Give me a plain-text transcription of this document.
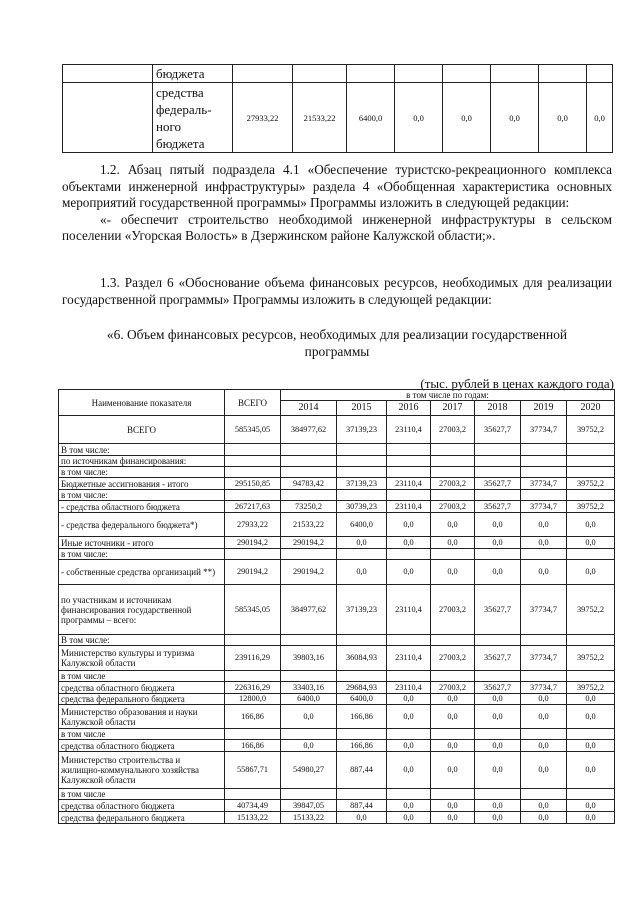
	бюджета								

	средства
федераль-
ного
бюджета	27933,22	21533,22	6400,0	0,0	0,0	0,0	0,0	0,0

1.2. Абзац пятый подраздела 4.1 «Обеспечение туристско-рекреационного комплекса объектами инженерной инфраструктуры» раздела 4 «Обобщенная характеристика основных мероприятий государственной программы» Программы изложить в следующей редакции:

«- обеспечит строительство необходимой инженерной инфраструктуры в сельском поселении «Угорская Волость» в Дзержинском районе Калужской области;».

1.3. Раздел 6 «Обоснование объема финансовых ресурсов, необходимых для реализации государственной программы» Программы изложить в следующей редакции:

«6. Объем финансовых ресурсов, необходимых для реализации государственной
программы
(тыс. рублей в ценах каждого года)
Наименование показателя	ВСЕГО	в том числе по годам:						
		2014	2015	2016	2017	2018	2019	2020
ВСЕГО	585345,05	384977,62	37139,23	23110,4	27003,2	35627,7	37734,7	39752,2
В том числе:								
по источникам финансирования:								
в том числе:								
Бюджетные ассигнования - итого	295150,85	94783,42	37139,23	23110,4	27003,2	35627,7	37734,7	39752,2
в том числе:								
- средства областного бюджета	267217,63	73250,2	30739,23	23110,4	27003,2	35627,7	37734,7	39752,2
- средства федерального бюджета*)	27933,22	21533,22	6400,0	0,0	0,0	0,0	0,0	0,0
Иные источники - итого	290194,2	290194,2	0,0	0,0	0,0	0,0	0,0	0,0
в том числе:								
- собственные средства организаций **)	290194,2	290194,2	0,0	0,0	0,0	0,0	0,0	0,0
по участникам и источникам финансирования государственной программы – всего:	585345,05	384977,62	37139,23	23110,4	27003,2	35627,7	37734,7	39752,2
В том числе:								
Министерство культуры и туризма Калужской области	239116,29	39803,16	36084,93	23110,4	27003,2	35627,7	37734,7	39752,2
в том числе								
средства областного бюджета	226316,29	33403,16	29684,93	23110,4	27003,2	35627,7	37734,7	39752,2
средства федерального бюджета	12800,0	6400,0	6400,0	0,0	0,0	0,0	0,0	0,0
Министерство образования и науки Калужской области	166,86	0,0	166,86	0,0	0,0	0,0	0,0	0,0
в том числе								
средства областного бюджета	166,86	0,0	166,86	0,0	0,0	0,0	0,0	0,0
Министерство строительства и жилищно-коммунального хозяйства Калужской области	55867,71	54980,27	887,44	0,0	0,0	0,0	0,0	0,0
в том числе								
средства областного бюджета	40734,49	39847,05	887,44	0,0	0,0	0,0	0,0	0,0
средства федерального бюджета	15133,22	15133,22	0,0	0,0	0,0	0,0	0,0	0,0
